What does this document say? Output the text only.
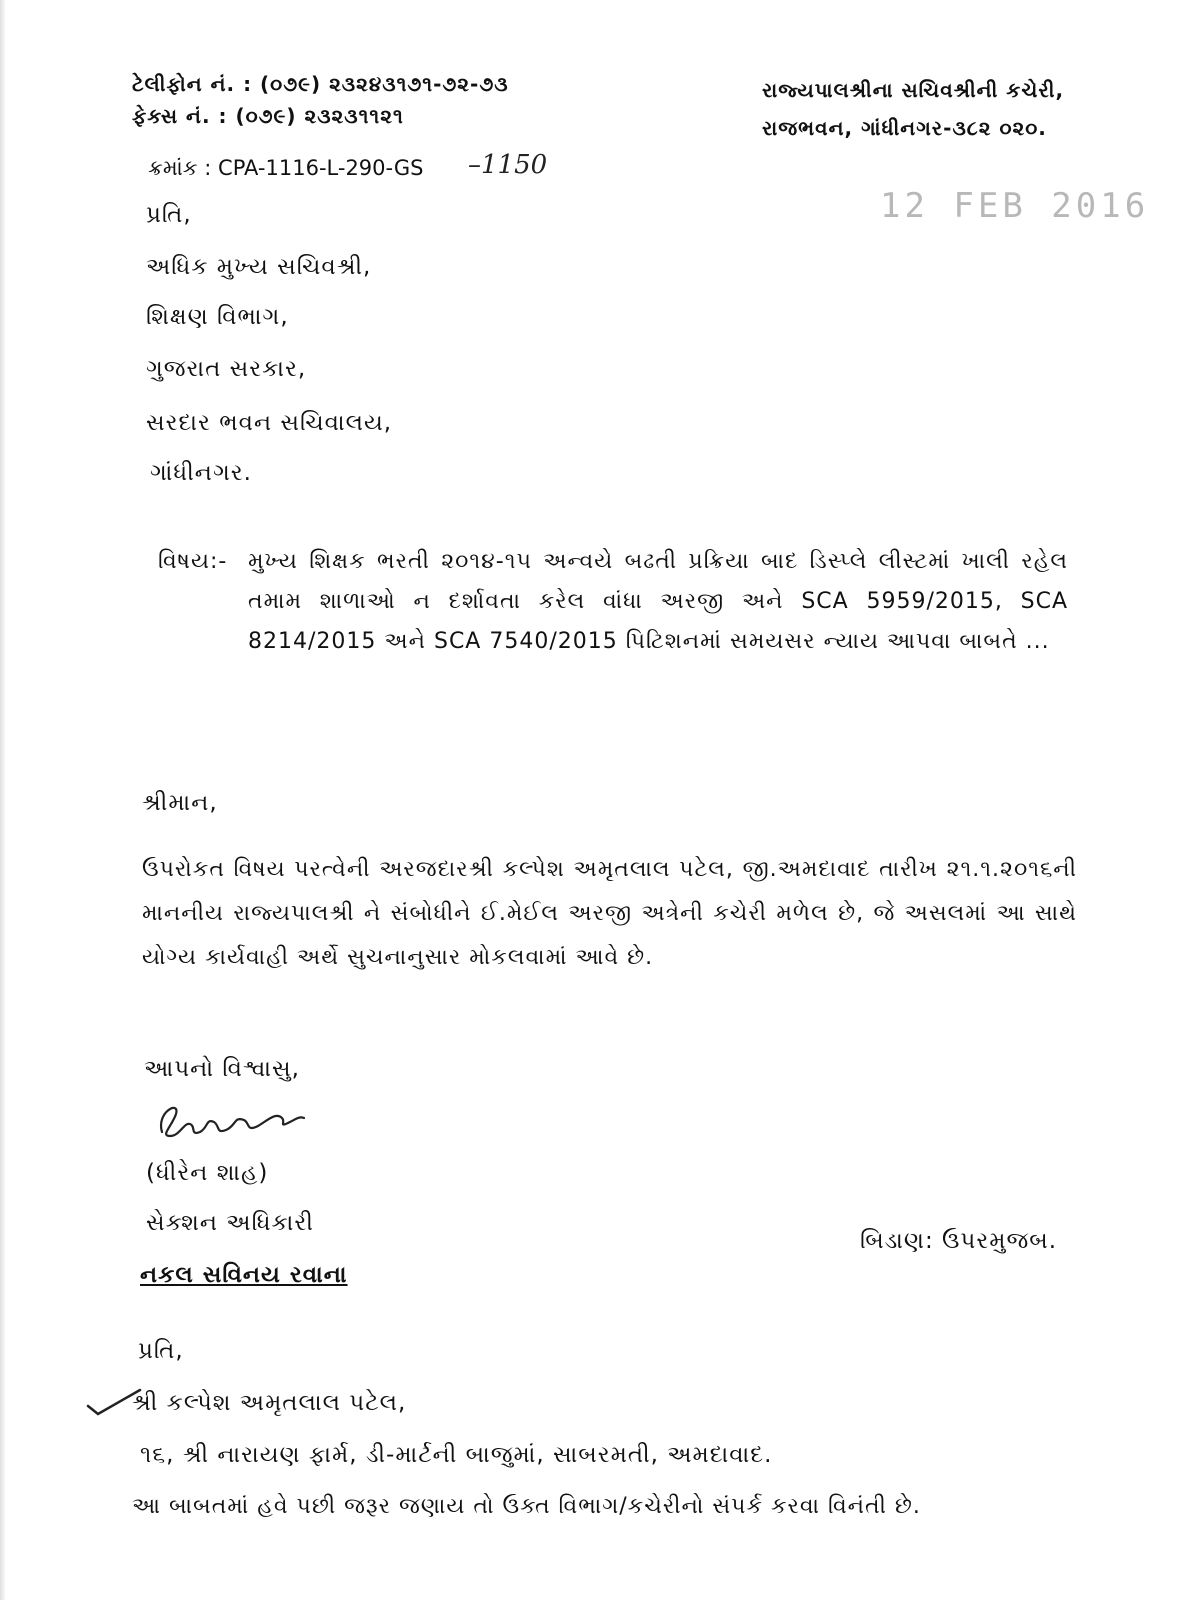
ટેલીફોન નં. : (૦૭૯) ૨૩૨૪૩૧૭૧-૭૨-૭૩
ફેક્સ નં. : (૦૭૯) ૨૩૨૩૧૧૨૧
રાજ્યપાલશ્રીના સચિવશ્રીની કચેરી,
રાજભવન, ગાંધીનગર-૩૮૨ ૦૨૦.
ક્રમાંક : CPA-1116-L-290-GS –1150
12 FEB 2016
પ્રતિ,
અધિક મુખ્ય સચિવશ્રી,
શિક્ષણ વિભાગ,
ગુજરાત સરકાર,
સરદાર ભવન સચિવાલય,
ગાંધીનગર.
વિષય:- મુખ્ય શિક્ષક ભરતી ૨૦૧૪-૧૫ અન્વયે બઢતી પ્રક્રિયા બાદ ડિસ્પ્લે લીસ્ટમાં ખાલી રહેલ તમામ શાળાઓ ન દર્શાવતા કરેલ વાંધા અરજી અને SCA 5959/2015, SCA 8214/2015 અને SCA 7540/2015 પિટિશનમાં સમયસર ન્યાય આપવા બાબતે ...
શ્રીમાન,
ઉપરોકત વિષય પરત્વેની અરજદારશ્રી કલ્પેશ અમૃતલાલ પટેલ, જી.અમદાવાદ તારીખ ૨૧.૧.૨૦૧૬ની માનનીય રાજ્યપાલશ્રી ને સંબોધીને ઈ.મેઈલ અરજી અત્રેની કચેરી મળેલ છે, જે અસલમાં આ સાથે યોગ્ય કાર્યવાહી અર્થે સુચનાનુસાર મોકલવામાં આવે છે.
આપનો વિશ્વાસુ,
(ધીરેન શાહ)
સેક્શન અધિકારી
નકલ સવિનય રવાના
બિડાણ: ઉપરમુજબ.
પ્રતિ,
શ્રી કલ્પેશ અમૃતલાલ પટેલ,
૧૬, શ્રી નારાયણ ફાર્મ, ડી-માર્ટની બાજુમાં, સાબરમતી, અમદાવાદ.
આ બાબતમાં હવે પછી જરૂર જણાય તો ઉક્ત વિભાગ/કચેરીનો સંપર્ક કરવા વિનંતી છે.
